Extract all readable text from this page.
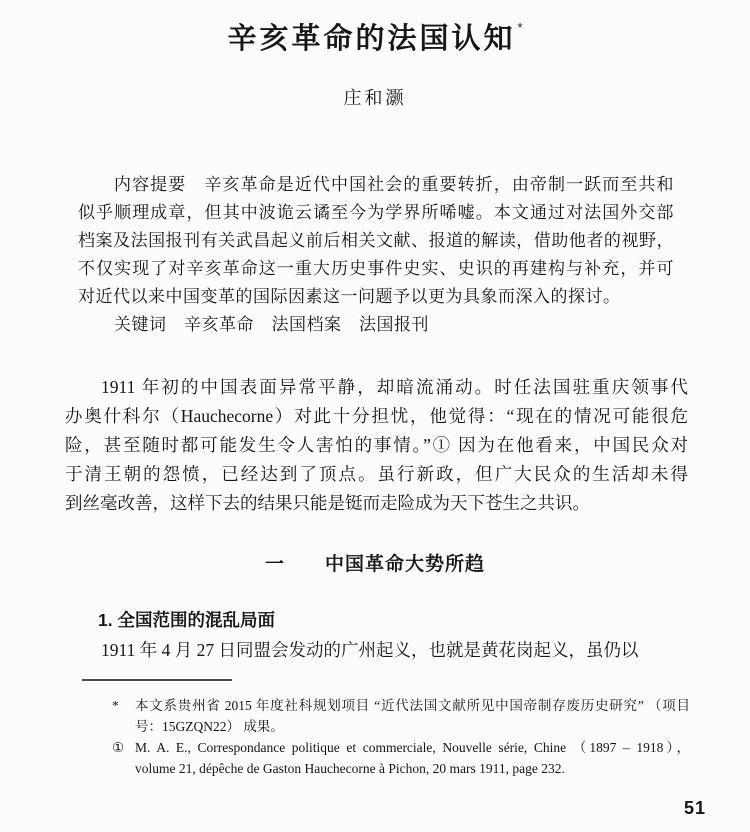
辛亥革命的法国认知 *
庄和灏
内容提要　辛亥革命是近代中国社会的重要转折，由帝制一跃而至共和
似乎顺理成章，但其中波诡云谲至今为学界所唏嘘。本文通过对法国外交部
档案及法国报刊有关武昌起义前后相关文献、报道的解读，借助他者的视野，
不仅实现了对辛亥革命这一重大历史事件史实、史识的再建构与补充，并可
对近代以来中国变革的国际因素这一问题予以更为具象而深入的探讨。
关键词　辛亥革命　法国档案　法国报刊
1911 年初的中国表面异常平静，却暗流涌动。时任法国驻重庆领事代
办奥什科尔（Hauchecorne）对此十分担忧，他觉得：“现在的情况可能很危
险，甚至随时都可能发生令人害怕的事情。”① 因为在他看来，中国民众对
于清王朝的怨愤，已经达到了顶点。虽行新政，但广大民众的生活却未得
到丝毫改善，这样下去的结果只能是铤而走险成为天下苍生之共识。
一　　中国革命大势所趋
1. 全国范围的混乱局面
1911 年 4 月 27 日同盟会发动的广州起义，也就是黄花岗起义，虽仍以
*	本文系贵州省 2015 年度社科规划项目 “近代法国文献所见中国帝制存废历史研究” （项目
号：15GZQN22） 成果。
① M. A. E., Correspondance politique et commerciale, Nouvelle série, Chine （1897 – 1918），
volume 21, dépêche de Gaston Hauchecorne à Pichon, 20 mars 1911, page 232.
51
